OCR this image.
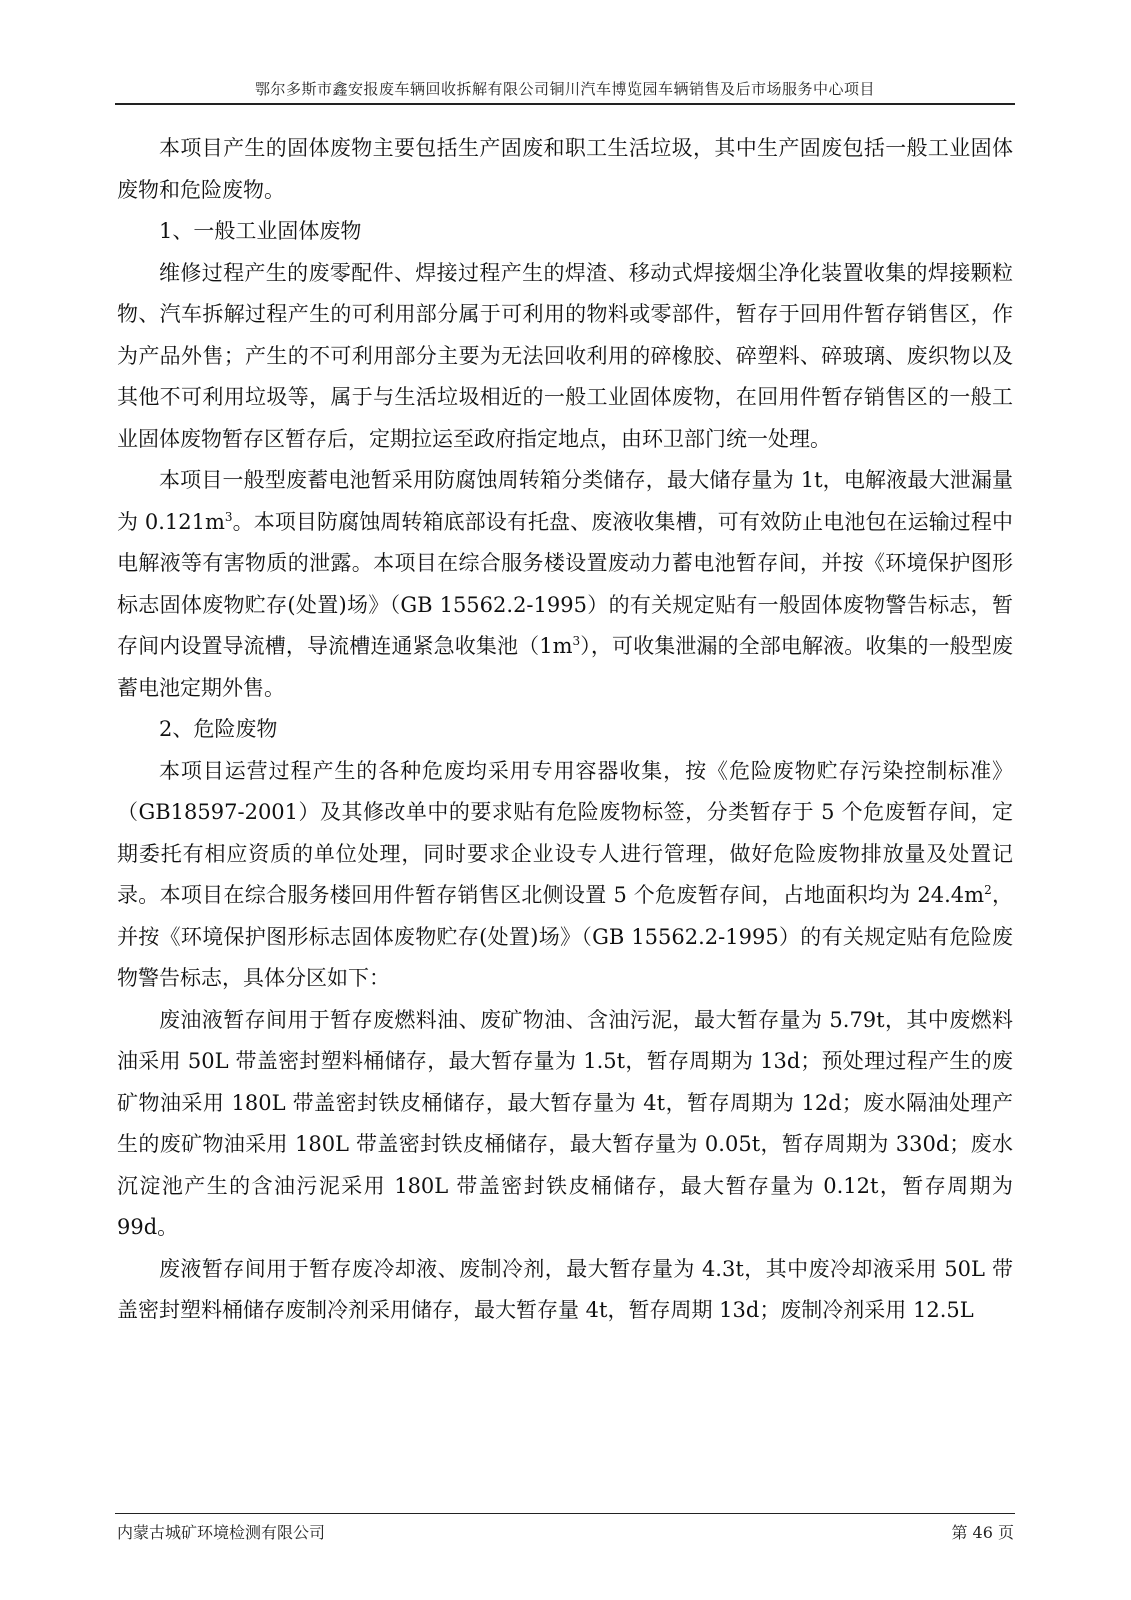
鄂尔多斯市鑫安报废车辆回收拆解有限公司铜川汽车博览园车辆销售及后市场服务中心项目

本项目产生的固体废物主要包括生产固废和职工生活垃圾，其中生产固废包括一般工业固体废物和危险废物。

1、一般工业固体废物

维修过程产生的废零配件、焊接过程产生的焊渣、移动式焊接烟尘净化装置收集的焊接颗粒物、汽车拆解过程产生的可利用部分属于可利用的物料或零部件，暂存于回用件暂存销售区，作为产品外售；产生的不可利用部分主要为无法回收利用的碎橡胶、碎塑料、碎玻璃、废织物以及其他不可利用垃圾等，属于与生活垃圾相近的一般工业固体废物，在回用件暂存销售区的一般工业固体废物暂存区暂存后，定期拉运至政府指定地点，由环卫部门统一处理。

本项目一般型废蓄电池暂采用防腐蚀周转箱分类储存，最大储存量为 1t，电解液最大泄漏量为 $0.121m^3$。本项目防腐蚀周转箱底部设有托盘、废液收集槽，可有效防止电池包在运输过程中电解液等有害物质的泄露。本项目在综合服务楼设置废动力蓄电池暂存间，并按《环境保护图形标志固体废物贮存(处置)场》（GB 15562.2-1995）的有关规定贴有一般固体废物警告标志，暂存间内设置导流槽，导流槽连通紧急收集池$(1m^3)$，可收集泄漏的全部电解液。收集的一般型废蓄电池定期外售。

2、危险废物

本项目运营过程产生的各种危废均采用专用容器收集，按《危险废物贮存污染控制标准》（GB18597-2001）及其修改单中的要求贴有危险废物标签，分类暂存于 5 个危废暂存间，定期委托有相应资质的单位处理，同时要求企业设专人进行管理，做好危险废物排放量及处置记录。本项目在综合服务楼回用件暂存销售区北侧设置 5 个危废暂存间，占地面积均为 $24.4m^2$，并按《环境保护图形标志固体废物贮存(处置)场》（GB 15562.2-1995）的有关规定贴有危险废物警告标志，具体分区如下：

废油液暂存间用于暂存废燃料油、废矿物油、含油污泥，最大暂存量为 5.79t，其中废燃料油采用 50L 带盖密封塑料桶储存，最大暂存量为 1.5t，暂存周期为 13d；预处理过程产生的废矿物油采用 180L 带盖密封铁皮桶储存，最大暂存量为 4t，暂存周期为 12d；废水隔油处理产生的废矿物油采用 180L 带盖密封铁皮桶储存，最大暂存量为 0.05t，暂存周期为 330d；废水沉淀池产生的含油污泥采用 180L 带盖密封铁皮桶储存，最大暂存量为 0.12t，暂存周期为 99d。

废液暂存间用于暂存废冷却液、废制冷剂，最大暂存量为 4.3t，其中废冷却液采用 50L 带盖密封塑料桶储存废制冷剂采用储存，最大暂存量 4t，暂存周期 13d；废制冷剂采用 12.5L

内蒙古城矿环境检测有限公司	第 46 页
